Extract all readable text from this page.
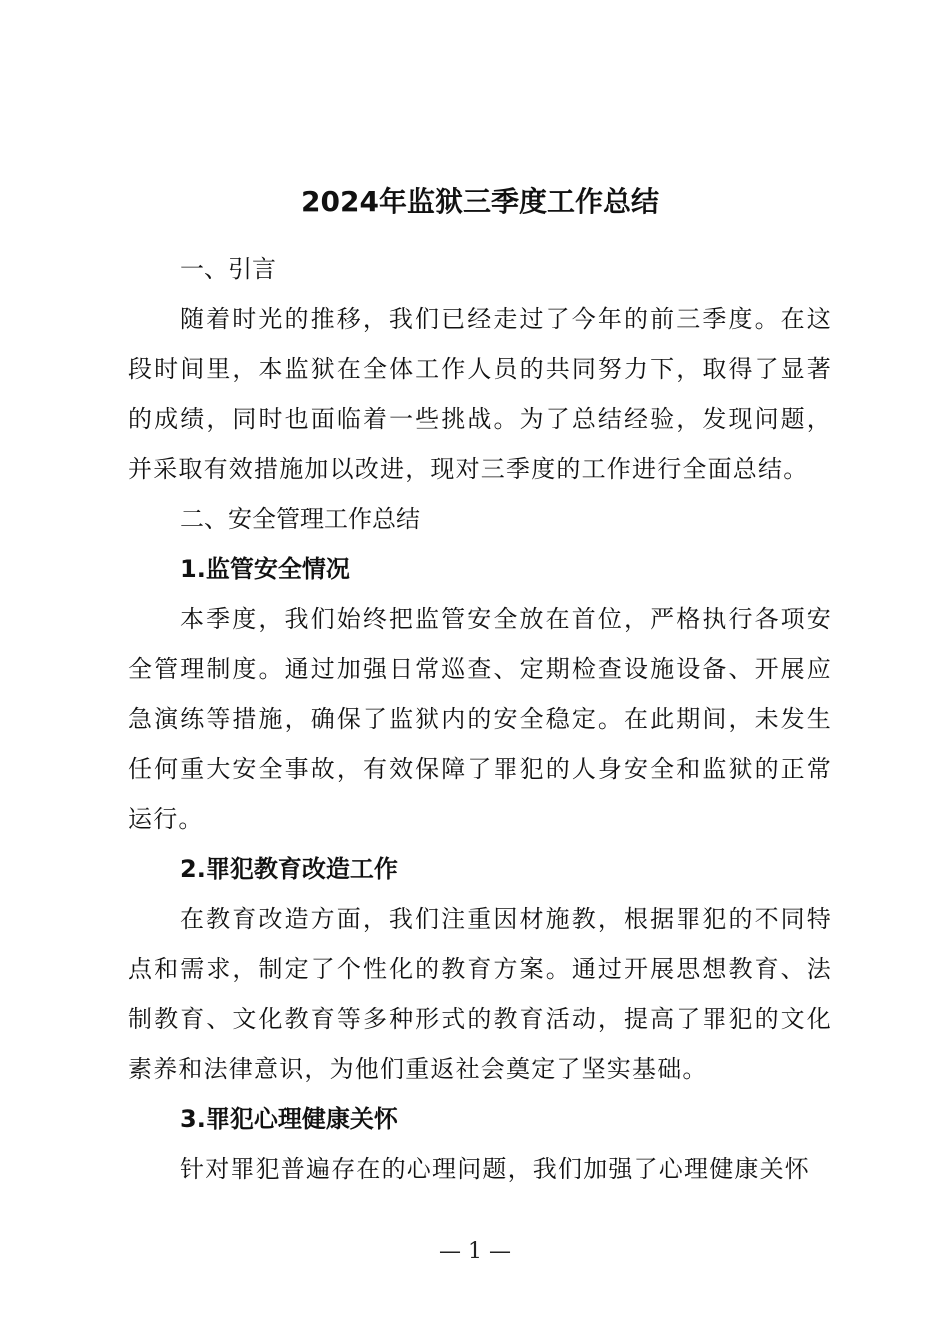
2024年监狱三季度工作总结

一、引言

随着时光的推移，我们已经走过了今年的前三季度。在这段时间里，本监狱在全体工作人员的共同努力下，取得了显著的成绩，同时也面临着一些挑战。为了总结经验，发现问题，并采取有效措施加以改进，现对三季度的工作进行全面总结。

二、安全管理工作总结

1.监管安全情况

本季度，我们始终把监管安全放在首位，严格执行各项安全管理制度。通过加强日常巡查、定期检查设施设备、开展应急演练等措施，确保了监狱内的安全稳定。在此期间，未发生任何重大安全事故，有效保障了罪犯的人身安全和监狱的正常运行。

2.罪犯教育改造工作

在教育改造方面，我们注重因材施教，根据罪犯的不同特点和需求，制定了个性化的教育方案。通过开展思想教育、法制教育、文化教育等多种形式的教育活动，提高了罪犯的文化素养和法律意识，为他们重返社会奠定了坚实基础。

3.罪犯心理健康关怀

针对罪犯普遍存在的心理问题，我们加强了心理健康关怀

— 1 —
